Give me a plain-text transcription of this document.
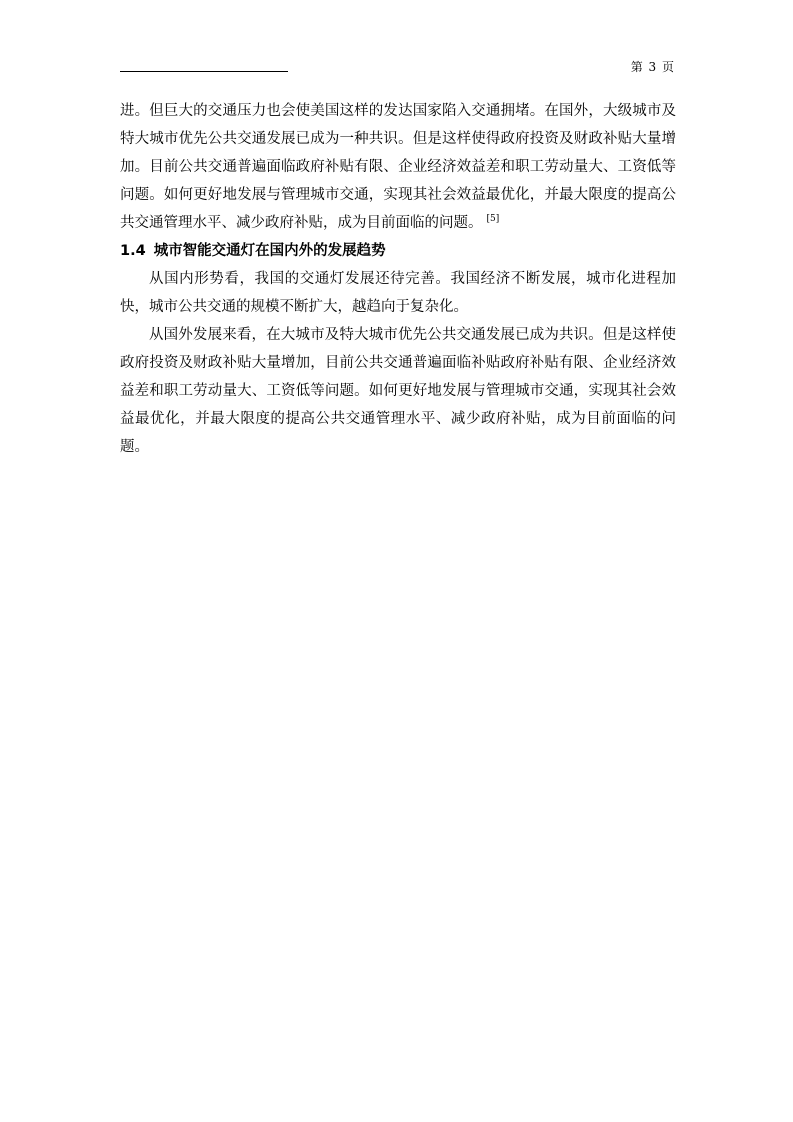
第 3 页

进。但巨大的交通压力也会使美国这样的发达国家陷入交通拥堵。在国外，大级城市及特大城市优先公共交通发展已成为一种共识。但是这样使得政府投资及财政补贴大量增加。目前公共交通普遍面临政府补贴有限、企业经济效益差和职工劳动量大、工资低等问题。如何更好地发展与管理城市交通，实现其社会效益最优化，并最大限度的提高公共交通管理水平、减少政府补贴，成为目前面临的问题。 [5]

1.4 城市智能交通灯在国内外的发展趋势

从国内形势看，我国的交通灯发展还待完善。我国经济不断发展，城市化进程加快，城市公共交通的规模不断扩大，越趋向于复杂化。

从国外发展来看，在大城市及特大城市优先公共交通发展已成为共识。但是这样使政府投资及财政补贴大量增加，目前公共交通普遍面临补贴政府补贴有限、企业经济效益差和职工劳动量大、工资低等问题。如何更好地发展与管理城市交通，实现其社会效益最优化，并最大限度的提高公共交通管理水平、减少政府补贴，成为目前面临的问题。
